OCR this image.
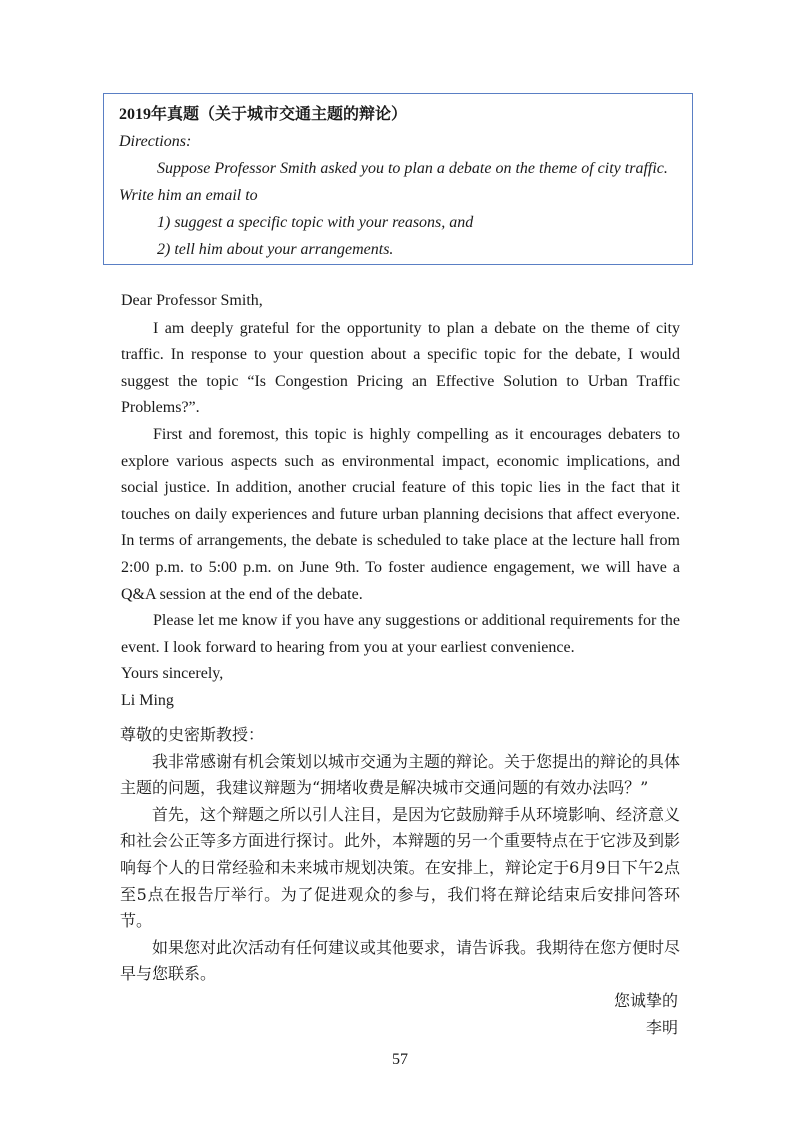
2019年真题（关于城市交通主题的辩论）
Directions:
Suppose Professor Smith asked you to plan a debate on the theme of city traffic.
Write him an email to
1) suggest a specific topic with your reasons, and
2) tell him about your arrangements.

Dear Professor Smith,

I am deeply grateful for the opportunity to plan a debate on the theme of city traffic. In response to your question about a specific topic for the debate, I would suggest the topic “Is Congestion Pricing an Effective Solution to Urban Traffic Problems?”.

First and foremost, this topic is highly compelling as it encourages debaters to explore various aspects such as environmental impact, economic implications, and social justice. In addition, another crucial feature of this topic lies in the fact that it touches on daily experiences and future urban planning decisions that affect everyone. In terms of arrangements, the debate is scheduled to take place at the lecture hall from 2:00 p.m. to 5:00 p.m. on June 9th. To foster audience engagement, we will have a Q&A session at the end of the debate.

Please let me know if you have any suggestions or additional requirements for the event. I look forward to hearing from you at your earliest convenience.

Yours sincerely,

Li Ming

尊敬的史密斯教授：

我非常感谢有机会策划以城市交通为主题的辩论。关于您提出的辩论的具体主题的问题，我建议辩题为“拥堵收费是解决城市交通问题的有效办法吗？”

首先，这个辩题之所以引人注目，是因为它鼓励辩手从环境影响、经济意义和社会公正等多方面进行探讨。此外，本辩题的另一个重要特点在于它涉及到影响每个人的日常经验和未来城市规划决策。在安排上，辩论定于6月9日下午2点至5点在报告厅举行。为了促进观众的参与，我们将在辩论结束后安排问答环节。

如果您对此次活动有任何建议或其他要求，请告诉我。我期待在您方便时尽早与您联系。

您诚挚的

李明

57
